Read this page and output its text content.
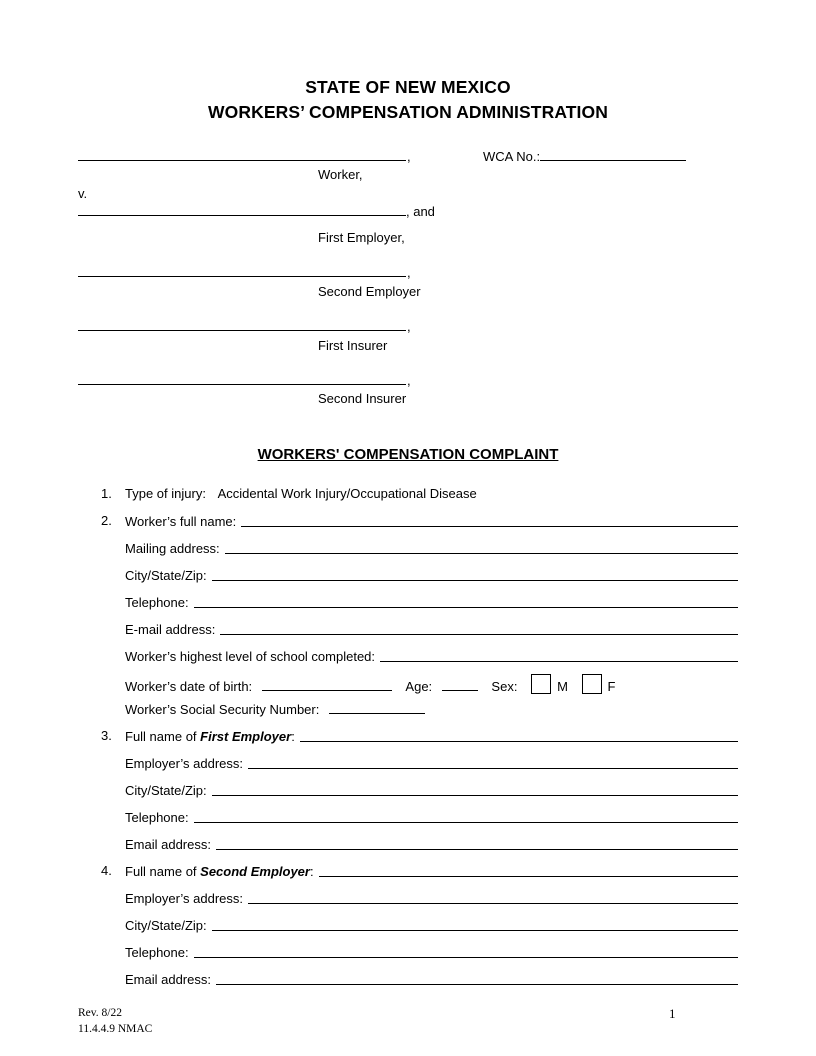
STATE OF NEW MEXICO
WORKERS’ COMPENSATION ADMINISTRATION
,	WCA No.:
Worker,
v.
, and
First Employer,
,
Second Employer
,
First Insurer
,
Second Insurer
WORKERS' COMPENSATION COMPLAINT
1. Type of injury: Accidental Work Injury/Occupational Disease
2. Worker’s full name:
Mailing address:
City/State/Zip:
Telephone:
E-mail address:
Worker’s highest level of school completed:
Worker’s date of birth:	Age:	Sex:	M	F
Worker’s Social Security Number:
3. Full name of First Employer:
Employer’s address:
City/State/Zip:
Telephone:
Email address:
4. Full name of Second Employer:
Employer’s address:
City/State/Zip:
Telephone:
Email address:
Rev. 8/22
11.4.4.9 NMAC
1
